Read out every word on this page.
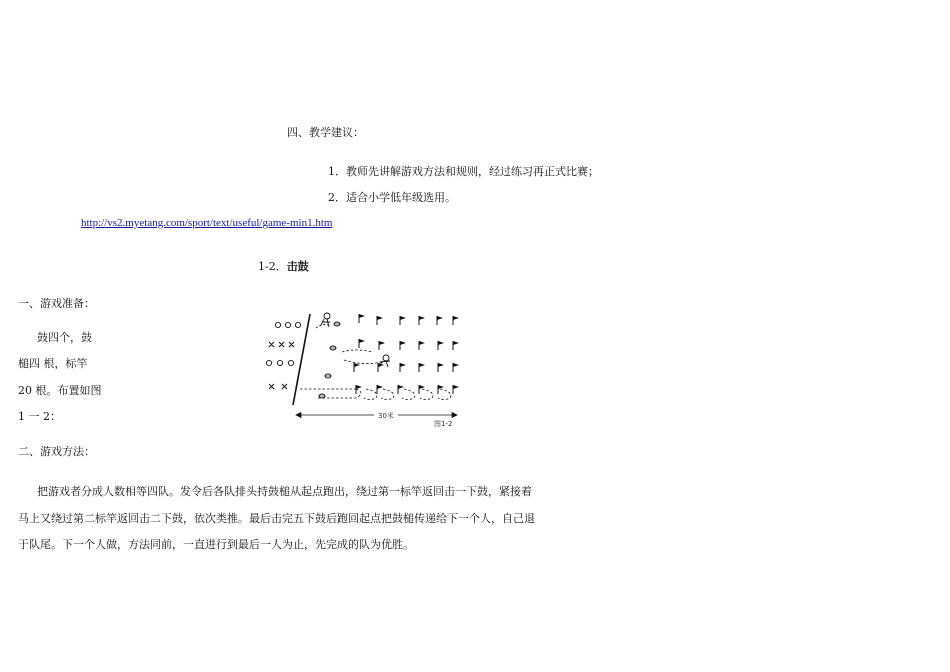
四、教学建议：
1．教师先讲解游戏方法和规则，经过练习再正式比赛；
2．适合小学低年级选用。
http://vs2.myetang.com/sport/text/useful/game-min1.htm
1-2．击鼓
一、游戏准备：
鼓四个，鼓
槌四 根，标竿
20 根。布置如图
1 一 2：
二、游戏方法：
把游戏者分成人数相等四队。发令后各队排头持鼓槌从起点跑出，绕过第一标竿返回击一下鼓，紧接着
马上又绕过第二标竿返回击二下鼓，依次类推。最后击完五下鼓后跑回起点把鼓槌传递给下一个人，自己退
于队尾。下一个人做，方法同前，一直进行到最后一人为止，先完成的队为优胜。
30米
图1-2
